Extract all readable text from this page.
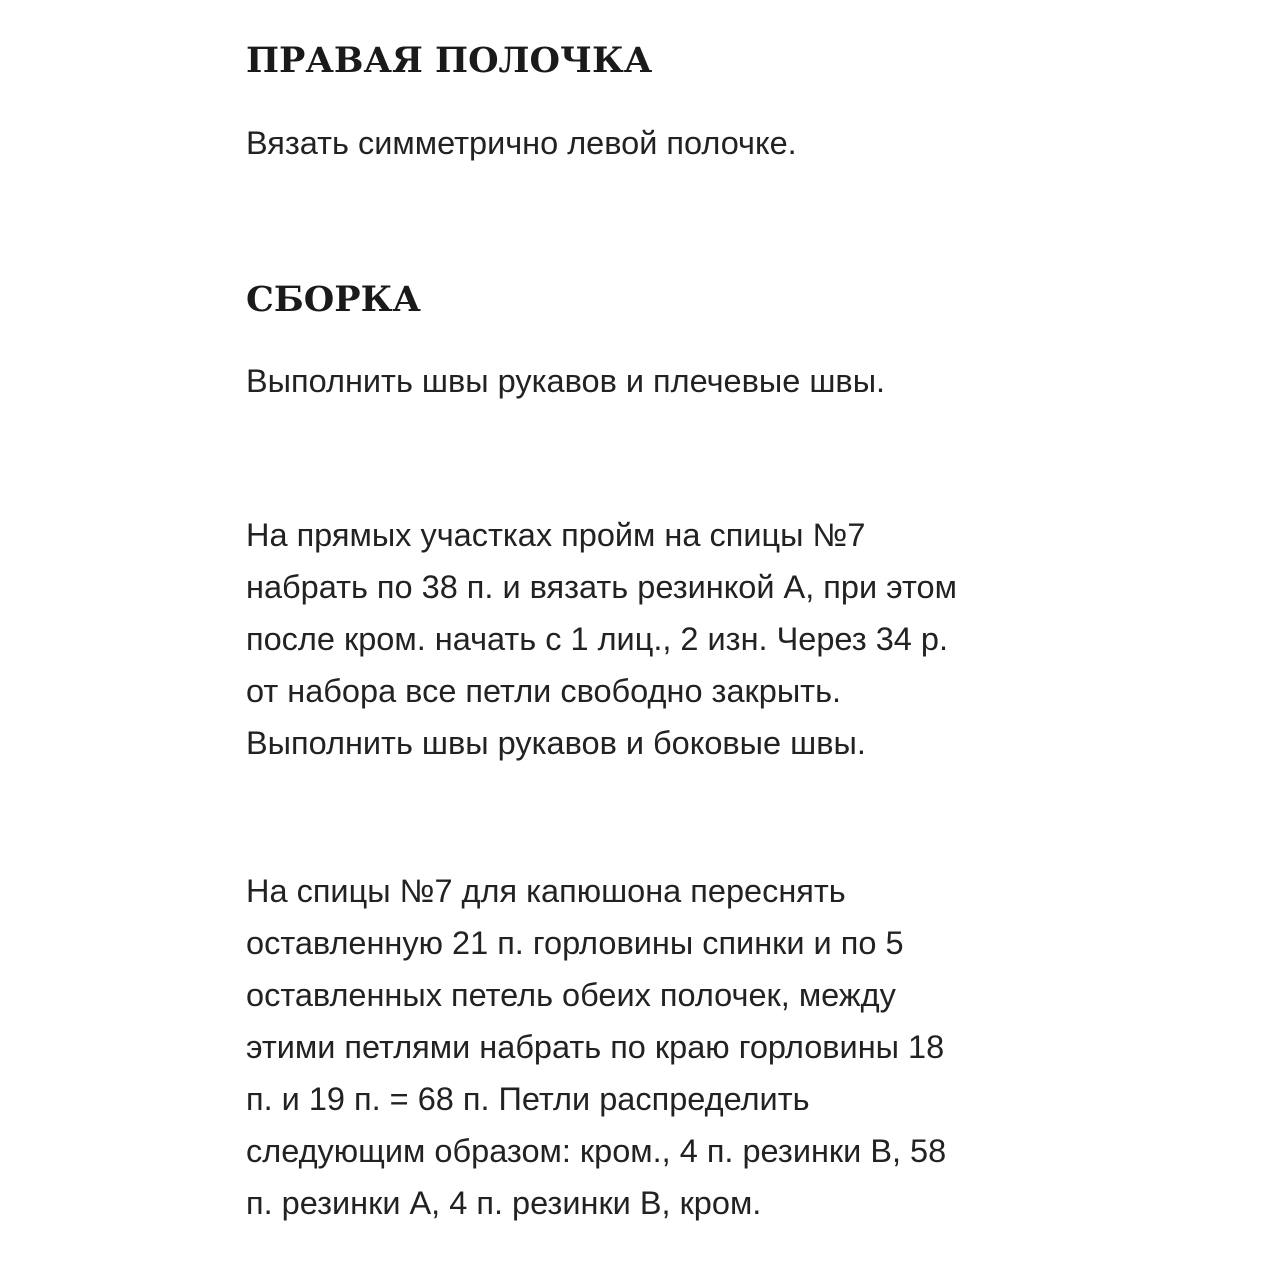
ПРАВАЯ ПОЛОЧКА

Вязать симметрично левой полочке.

СБОРКА

Выполнить швы рукавов и плечевые швы.

На прямых участках пройм на спицы №7
набрать по 38 п. и вязать резинкой А, при этом
после кром. начать с 1 лиц., 2 изн. Через 34 р.
от набора все петли свободно закрыть.
Выполнить швы рукавов и боковые швы.

На спицы №7 для капюшона переснять
оставленную 21 п. горловины спинки и по 5
оставленных петель обеих полочек, между
этими петлями набрать по краю горловины 18
п. и 19 п. = 68 п. Петли распределить
следующим образом: кром., 4 п. резинки В, 58
п. резинки А, 4 п. резинки В, кром.
